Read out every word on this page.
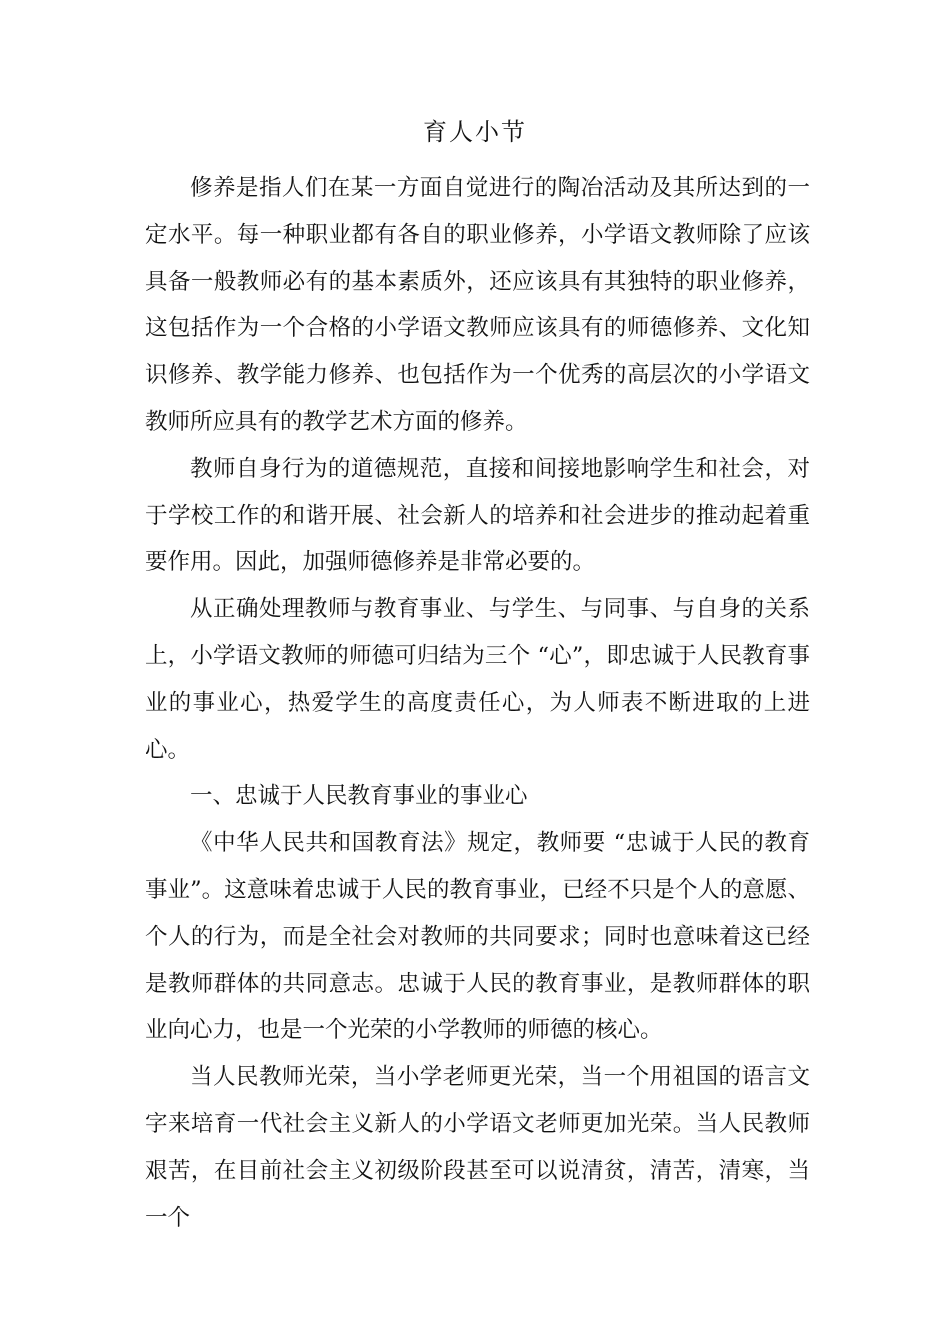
育人小节

修养是指人们在某一方面自觉进行的陶冶活动及其所达到的一定水平。每一种职业都有各自的职业修养，小学语文教师除了应该具备一般教师必有的基本素质外，还应该具有其独特的职业修养，这包括作为一个合格的小学语文教师应该具有的师德修养、文化知识修养、教学能力修养、也包括作为一个优秀的高层次的小学语文教师所应具有的教学艺术方面的修养。

教师自身行为的道德规范，直接和间接地影响学生和社会，对于学校工作的和谐开展、社会新人的培养和社会进步的推动起着重要作用。因此，加强师德修养是非常必要的。

从正确处理教师与教育事业、与学生、与同事、与自身的关系上，小学语文教师的师德可归结为三个 “心”，即忠诚于人民教育事业的事业心，热爱学生的高度责任心，为人师表不断进取的上进心。

一、忠诚于人民教育事业的事业心

《中华人民共和国教育法》规定，教师要 “忠诚于人民的教育事业”。这意味着忠诚于人民的教育事业，已经不只是个人的意愿、个人的行为，而是全社会对教师的共同要求；同时也意味着这已经是教师群体的共同意志。忠诚于人民的教育事业，是教师群体的职业向心力，也是一个光荣的小学教师的师德的核心。

当人民教师光荣，当小学老师更光荣，当一个用祖国的语言文字来培育一代社会主义新人的小学语文老师更加光荣。当人民教师艰苦，在目前社会主义初级阶段甚至可以说清贫，清苦，清寒，当一个
